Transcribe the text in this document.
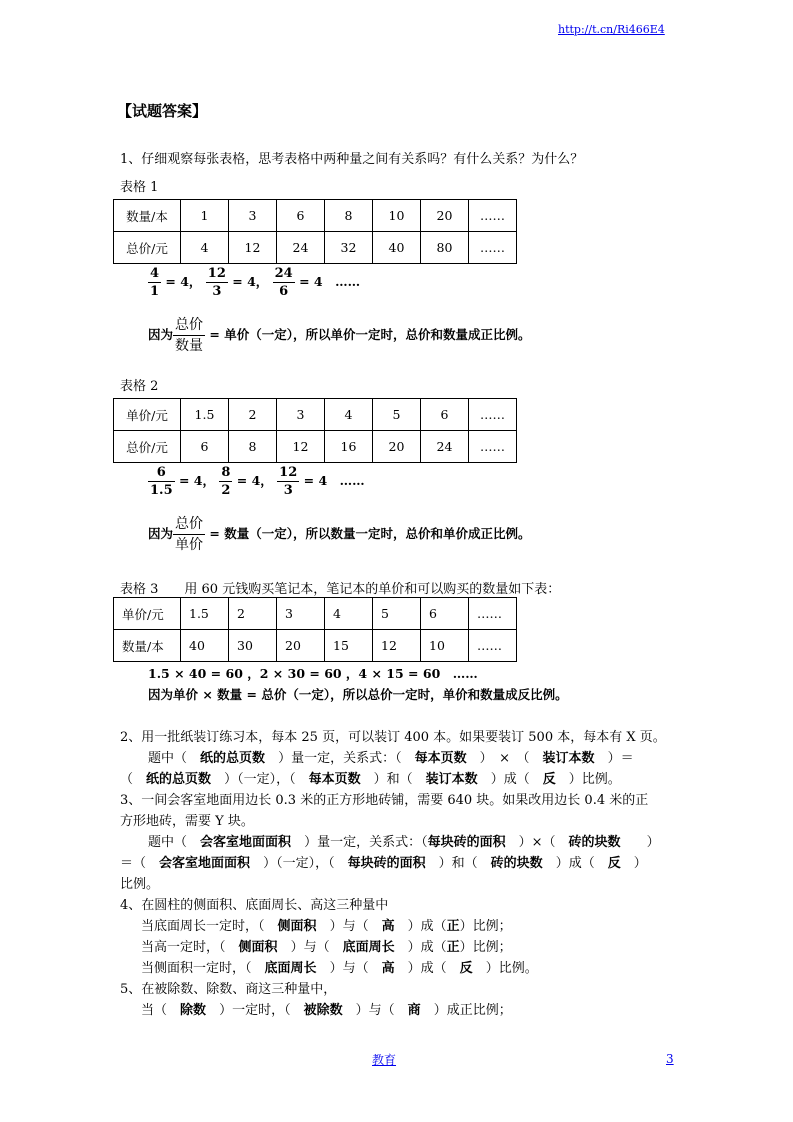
http://t.cn/Ri466E4
【试题答案】
1、仔细观察每张表格，思考表格中两种量之间有关系吗？有什么关系？为什么？
表格 1
数量/本	1	3	6	8	10	20	……
总价/元	4	12	24	32	40	80	……
$\frac{4}{1} = 4$， $\frac{12}{3} = 4$， $\frac{24}{6} = 4$　……
因为 $\frac{\text{总价}}{\text{数量}}$ = 单价（一定），所以单价一定时，总价和数量成正比例。
表格 2
单价/元	1.5	2	3	4	5	6	……
总价/元	6	8	12	16	20	24	……
$\frac{6}{1.5} = 4$， $\frac{8}{2} = 4$， $\frac{12}{3} = 4$　……
因为 $\frac{\text{总价}}{\text{单价}}$ = 数量（一定），所以数量一定时，总价和单价成正比例。
表格 3　　用 60 元钱购买笔记本，笔记本的单价和可以购买的数量如下表：
单价/元	1.5	2	3	4	5	6	……
数量/本	40	30	20	15	12	10	……
1.5 × 40 = 60 ，2 × 30 = 60 ，4 × 15 = 60　……
因为单价 × 数量 = 总价（一定），所以总价一定时，单价和数量成反比例。
2、用一批纸装订练习本，每本 25 页，可以装订 400 本。如果要装订 500 本，每本有 X 页。
题中（　 纸的总页数　 ）量一定，关系式：（　 每本页数　 ）　×　（　 装订本数　 ）＝
（　 纸的总页数　 ）（一定），（　 每本页数　 ）和（　 装订本数　 ）成（　 反　 ）比例。
3、一间会客室地面用边长 0.3 米的正方形地砖铺，需要 640 块。如果改用边长 0.4 米的正
方形地砖，需要 Y 块。
题中（　 会客室地面面积　 ）量一定，关系式：（每块砖的面积　 ）×（　 砖的块数　　 ）
＝（　 会客室地面面积　 ）（一定），（　 每块砖的面积　 ）和（　 砖的块数　 ）成（　 反　 ）
比例。
4、在圆柱的侧面积、底面周长、高这三种量中
当底面周长一定时，（　 侧面积　 ）与（　 高　 ）成（正）比例；
当高一定时，（　 侧面积　 ）与（　 底面周长　 ）成（正）比例；
当侧面积一定时，（　 底面周长　 ）与（　 高　 ）成（　 反　 ）比例。
5、在被除数、除数、商这三种量中，
当（　 除数　 ）一定时，（　 被除数　 ）与（　 商　 ）成正比例；
教育	3
